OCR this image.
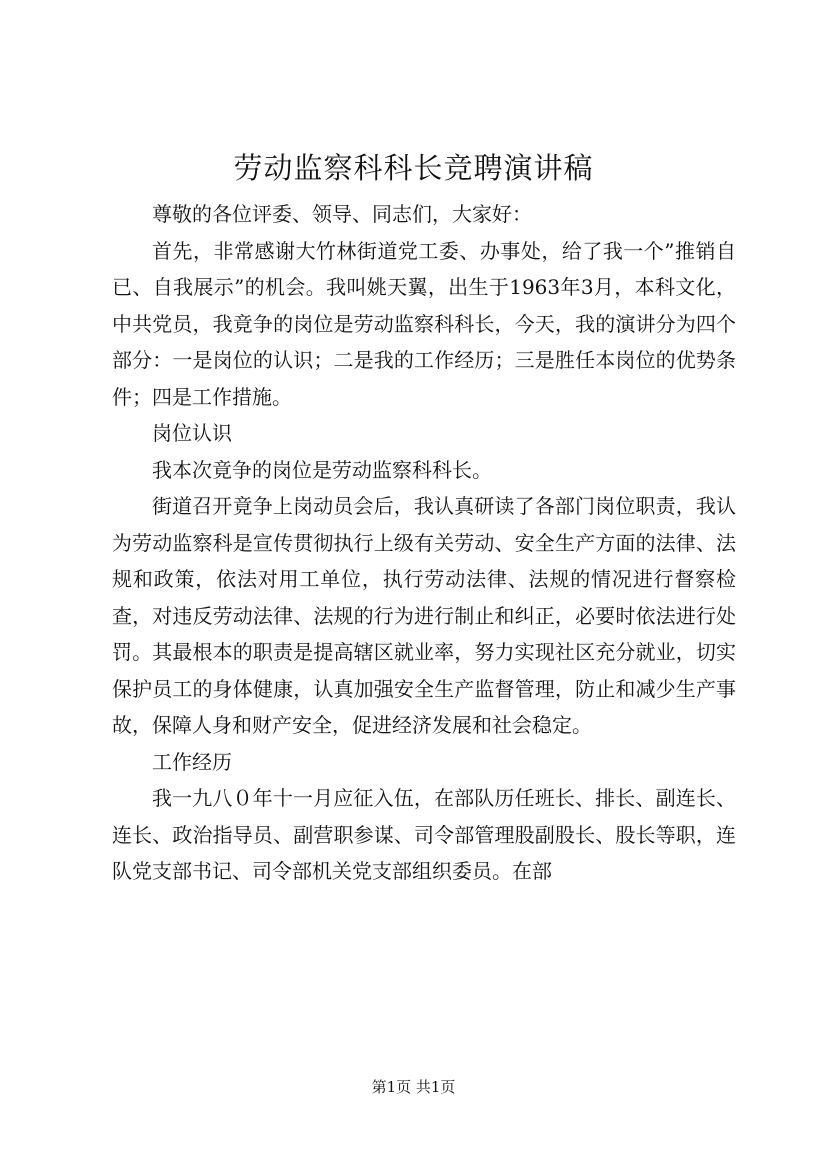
劳动监察科科长竞聘演讲稿

尊敬的各位评委、领导、同志们，大家好：

首先，非常感谢大竹林街道党工委、办事处，给了我一个”推销自已、自我展示”的机会。我叫姚天翼，出生于1963年3月，本科文化，中共党员，我竟争的岗位是劳动监察科科长，今天，我的演讲分为四个部分：一是岗位的认识；二是我的工作经历；三是胜任本岗位的优势条件；四是工作措施。

岗位认识

我本次竟争的岗位是劳动监察科科长。

街道召开竟争上岗动员会后，我认真研读了各部门岗位职责，我认为劳动监察科是宣传贯彻执行上级有关劳动、安全生产方面的法律、法规和政策，依法对用工单位，执行劳动法律、法规的情况进行督察检查，对违反劳动法律、法规的行为进行制止和纠正，必要时依法进行处罚。其最根本的职责是提高辖区就业率，努力实现社区充分就业，切实保护员工的身体健康，认真加强安全生产监督管理，防止和减少生产事故，保障人身和财产安全，促进经济发展和社会稳定。

工作经历

我一九八０年十一月应征入伍，在部队历任班长、排长、副连长、连长、政治指导员、副营职参谋、司令部管理股副股长、股长等职，连队党支部书记、司令部机关党支部组织委员。在部

第1页 共1页
